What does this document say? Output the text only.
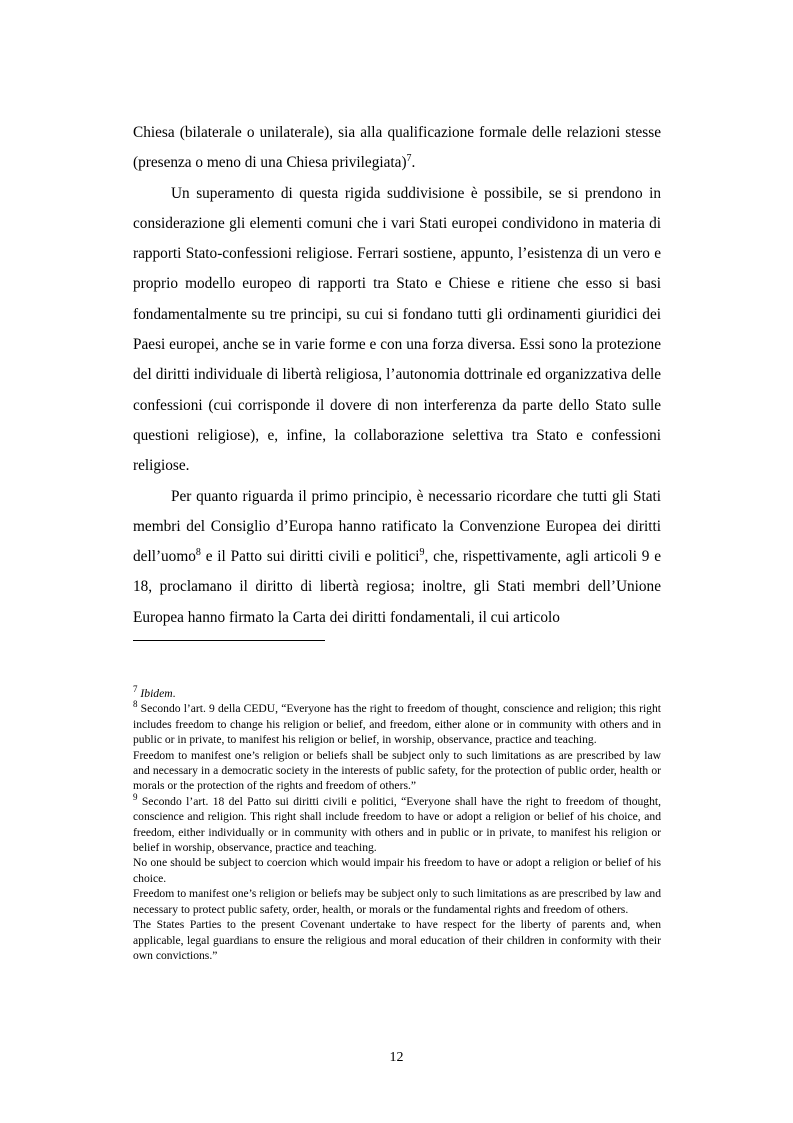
Chiesa (bilaterale o unilaterale), sia alla qualificazione formale delle relazioni stesse (presenza o meno di una Chiesa privilegiata)$^7$.

Un superamento di questa rigida suddivisione è possibile, se si prendono in considerazione gli elementi comuni che i vari Stati europei condividono in materia di rapporti Stato-confessioni religiose. Ferrari sostiene, appunto, l’esistenza di un vero e proprio modello europeo di rapporti tra Stato e Chiese e ritiene che esso si basi fondamentalmente su tre principi, su cui si fondano tutti gli ordinamenti giuridici dei Paesi europei, anche se in varie forme e con una forza diversa. Essi sono la protezione del diritti individuale di libertà religiosa, l’autonomia dottrinale ed organizzativa delle confessioni (cui corrisponde il dovere di non interferenza da parte dello Stato sulle questioni religiose), e, infine, la collaborazione selettiva tra Stato e confessioni religiose.

Per quanto riguarda il primo principio, è necessario ricordare che tutti gli Stati membri del Consiglio d’Europa hanno ratificato la Convenzione Europea dei diritti dell’uomo$^8$ e il Patto sui diritti civili e politici$^9$, che, rispettivamente, agli articoli 9 e 18, proclamano il diritto di libertà regiosa; inoltre, gli Stati membri dell’Unione Europea hanno firmato la Carta dei diritti fondamentali, il cui articolo

$^7$ Ibidem.

$^8$ Secondo l’art. 9 della CEDU, “Everyone has the right to freedom of thought, conscience and religion; this right includes freedom to change his religion or belief, and freedom, either alone or in community with others and in public or in private, to manifest his religion or belief, in worship, observance, practice and teaching.

Freedom to manifest one’s religion or beliefs shall be subject only to such limitations as are prescribed by law and necessary in a democratic society in the interests of public safety, for the protection of public order, health or morals or the protection of the rights and freedom of others.”

$^9$ Secondo l’art. 18 del Patto sui diritti civili e politici, “Everyone shall have the right to freedom of thought, conscience and religion. This right shall include freedom to have or adopt a religion or belief of his choice, and freedom, either individually or in community with others and in public or in private, to manifest his religion or belief in worship, observance, practice and teaching.

No one should be subject to coercion which would impair his freedom to have or adopt a religion or belief of his choice.

Freedom to manifest one’s religion or beliefs may be subject only to such limitations as are prescribed by law and necessary to protect public safety, order, health, or morals or the fundamental rights and freedom of others.

The States Parties to the present Covenant undertake to have respect for the liberty of parents and, when applicable, legal guardians to ensure the religious and moral education of their children in conformity with their own convictions.”

12
